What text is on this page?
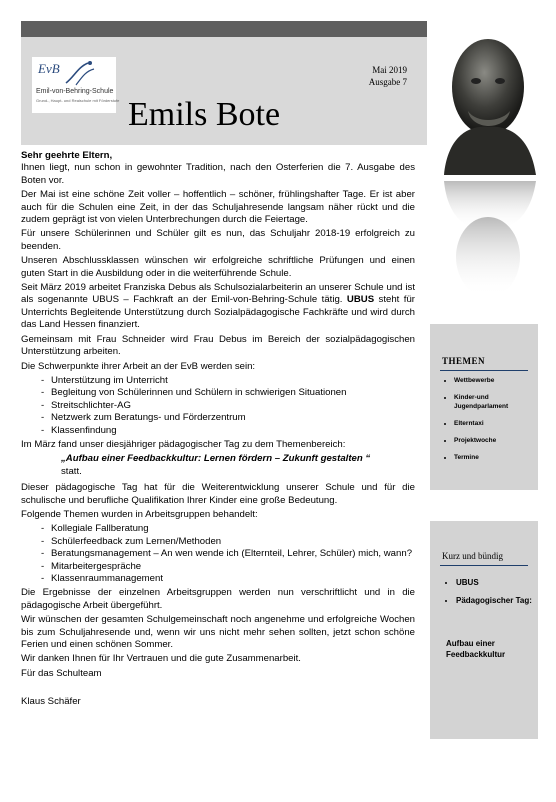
EvB
Emil-von-Behring-Schule
Grund-, Haupt- und Realschule mit Förderstufe
Mai 2019
Ausgabe 7
Emils Bote

Sehr geehrte Eltern,

Ihnen liegt, nun schon in gewohnter Tradition, nach den Osterferien die 7. Ausgabe des Boten vor.

Der Mai ist eine schöne Zeit voller – hoffentlich – schöner, frühlingshafter Tage. Er ist aber auch für die Schulen eine Zeit, in der das Schuljahresende langsam näher rückt und die zudem geprägt ist von vielen Unterbrechungen durch die Feiertage.

Für unsere Schülerinnen und Schüler gilt es nun, das Schuljahr 2018-19 erfolgreich zu beenden.

Unseren Abschlussklassen wünschen wir erfolgreiche schriftliche Prüfungen und einen guten Start in die Ausbildung oder in die weiterführende Schule.

Seit März 2019 arbeitet Franziska Debus als Schulsozialarbeiterin an unserer Schule und ist als sogenannte UBUS – Fachkraft an der Emil-von-Behring-Schule tätig. UBUS steht für Unterrichts Begleitende Unterstützung durch Sozialpädagogische Fachkräfte und wird durch das Land Hessen finanziert.

Gemeinsam mit Frau Schneider wird Frau Debus im Bereich der sozialpädagogischen Unterstützung arbeiten.

Die Schwerpunkte ihrer Arbeit an der EvB werden sein:

- Unterstützung im Unterricht
- Begleitung von Schülerinnen und Schülern in schwierigen Situationen
- Streitschlichter-AG
- Netzwerk zum Beratungs- und Förderzentrum
- Klassenfindung

Im März fand unser diesjähriger pädagogischer Tag zu dem Themenbereich:

„Aufbau einer Feedbackkultur: Lernen fördern – Zukunft gestalten “
statt.

Dieser pädagogische Tag hat für die Weiterentwicklung unserer Schule und für die schulische und berufliche Qualifikation Ihrer Kinder eine große Bedeutung.

Folgende Themen wurden in Arbeitsgruppen behandelt:

- Kollegiale Fallberatung
- Schülerfeedback zum Lernen/Methoden
- Beratungsmanagement – An wen wende ich (Elternteil, Lehrer, Schüler) mich, wann?
- Mitarbeitergespräche
- Klassenraummanagement

Die Ergebnisse der einzelnen Arbeitsgruppen werden nun verschriftlicht und in die pädagogische Arbeit übergeführt.

Wir wünschen der gesamten Schulgemeinschaft noch angenehme und erfolgreiche Wochen bis zum Schuljahresende und, wenn wir uns nicht mehr sehen sollten, jetzt schon schöne Ferien und einen schönen Sommer.

Wir danken Ihnen für Ihr Vertrauen und die gute Zusammenarbeit.

Für das Schulteam

Klaus Schäfer

THEMEN
• Wettbewerbe
• Kinder-und Jugendparlament
• Elterntaxi
• Projektwoche
• Termine
Kurz und bündig
• UBUS
• Pädagogischer Tag:
Aufbau einer Feedbackkultur
